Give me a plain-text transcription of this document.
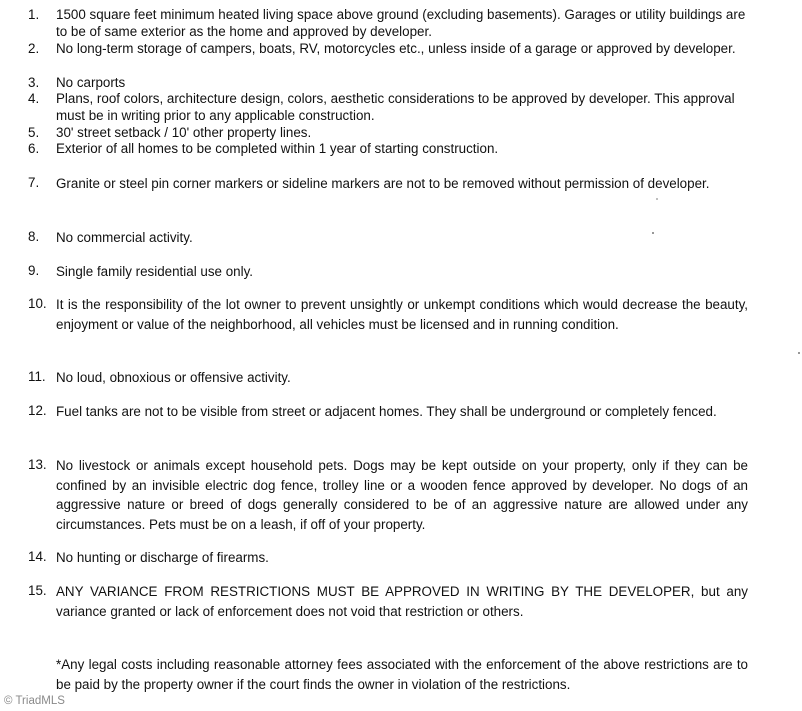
1.	1500 square feet minimum heated living space above ground (excluding basements). Garages or utility buildings are to be of same exterior as the home and approved by developer.
2.	No long-term storage of campers, boats, RV, motorcycles etc., unless inside of a garage or approved by developer.
3.	No carports
4.	Plans, roof colors, architecture design, colors, aesthetic considerations to be approved by developer. This approval must be in writing prior to any applicable construction.
5.	30' street setback / 10' other property lines.
6.	Exterior of all homes to be completed within 1 year of starting construction.
7.	Granite or steel pin corner markers or sideline markers are not to be removed without permission of developer.
8.	No commercial activity.
9.	Single family residential use only.
10. It is the responsibility of the lot owner to prevent unsightly or unkempt conditions which would decrease the beauty, enjoyment or value of the neighborhood, all vehicles must be licensed and in running condition.
11. No loud, obnoxious or offensive activity.
12. Fuel tanks are not to be visible from street or adjacent homes. They shall be underground or completely fenced.
13. No livestock or animals except household pets. Dogs may be kept outside on your property, only if they can be confined by an invisible electric dog fence, trolley line or a wooden fence approved by developer. No dogs of an aggressive nature or breed of dogs generally considered to be of an aggressive nature are allowed under any circumstances. Pets must be on a leash, if off of your property.
14. No hunting or discharge of firearms.
15. ANY VARIANCE FROM RESTRICTIONS MUST BE APPROVED IN WRITING BY THE DEVELOPER, but any variance granted or lack of enforcement does not void that restriction or others.
*Any legal costs including reasonable attorney fees associated with the enforcement of the above restrictions are to be paid by the property owner if the court finds the owner in violation of the restrictions.
© TriadMLS
